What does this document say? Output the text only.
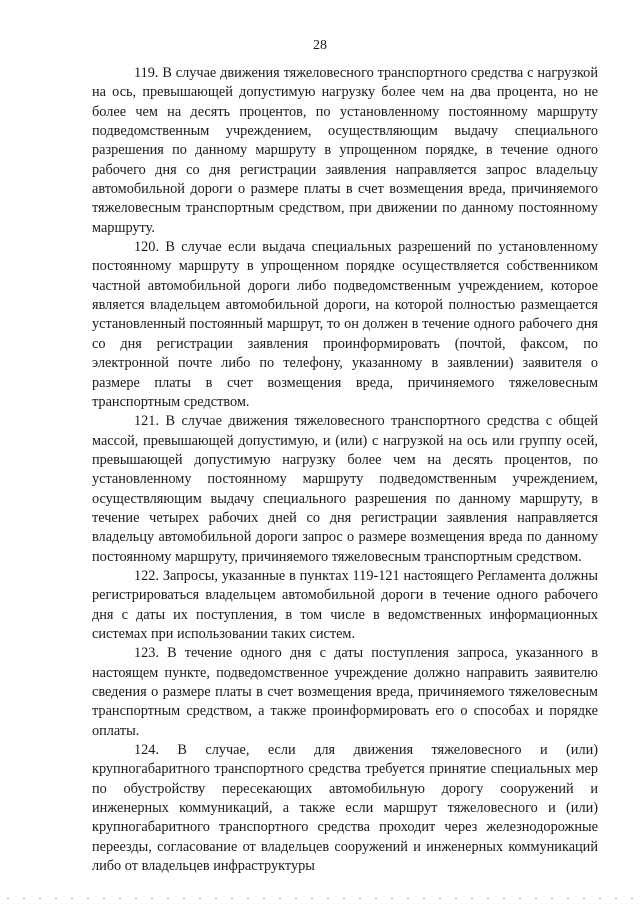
28

119. В случае движения тяжеловесного транспортного средства с нагрузкой на ось, превышающей допустимую нагрузку более чем на два процента, но не более чем на десять процентов, по установленному постоянному маршруту подведомственным учреждением, осуществляющим выдачу специального разрешения по данному маршруту в упрощенном порядке, в течение одного рабочего дня со дня регистрации заявления направляется запрос владельцу автомобильной дороги о размере платы в счет возмещения вреда, причиняемого тяжеловесным транспортным средством, при движении по данному постоянному маршруту.

120. В случае если выдача специальных разрешений по установленному постоянному маршруту в упрощенном порядке осуществляется собственником частной автомобильной дороги либо подведомственным учреждением, которое является владельцем автомобильной дороги, на которой полностью размещается установленный постоянный маршрут, то он должен в течение одного рабочего дня со дня регистрации заявления проинформировать (почтой, факсом, по электронной почте либо по телефону, указанному в заявлении) заявителя о размере платы в счет возмещения вреда, причиняемого тяжеловесным транспортным средством.

121. В случае движения тяжеловесного транспортного средства с общей массой, превышающей допустимую, и (или) с нагрузкой на ось или группу осей, превышающей допустимую нагрузку более чем на десять процентов, по установленному постоянному маршруту подведомственным учреждением, осуществляющим выдачу специального разрешения по данному маршруту, в течение четырех рабочих дней со дня регистрации заявления направляется владельцу автомобильной дороги запрос о размере возмещения вреда по данному постоянному маршруту, причиняемого тяжеловесным транспортным средством.

122. Запросы, указанные в пунктах 119-121 настоящего Регламента должны регистрироваться владельцем автомобильной дороги в течение одного рабочего дня с даты их поступления, в том числе в ведомственных информационных системах при использовании таких систем.

123. В течение одного дня с даты поступления запроса, указанного в настоящем пункте, подведомственное учреждение должно направить заявителю сведения о размере платы в счет возмещения вреда, причиняемого тяжеловесным транспортным средством, а также проинформировать его о способах и порядке оплаты.

124. В случае, если для движения тяжеловесного и (или) крупногабаритного транспортного средства требуется принятие специальных мер по обустройству пересекающих автомобильную дорогу сооружений и инженерных коммуникаций, а также если маршрут тяжеловесного и (или) крупногабаритного транспортного средства проходит через железнодорожные переезды, согласование от владельцев сооружений и инженерных коммуникаций либо от владельцев инфраструктуры
